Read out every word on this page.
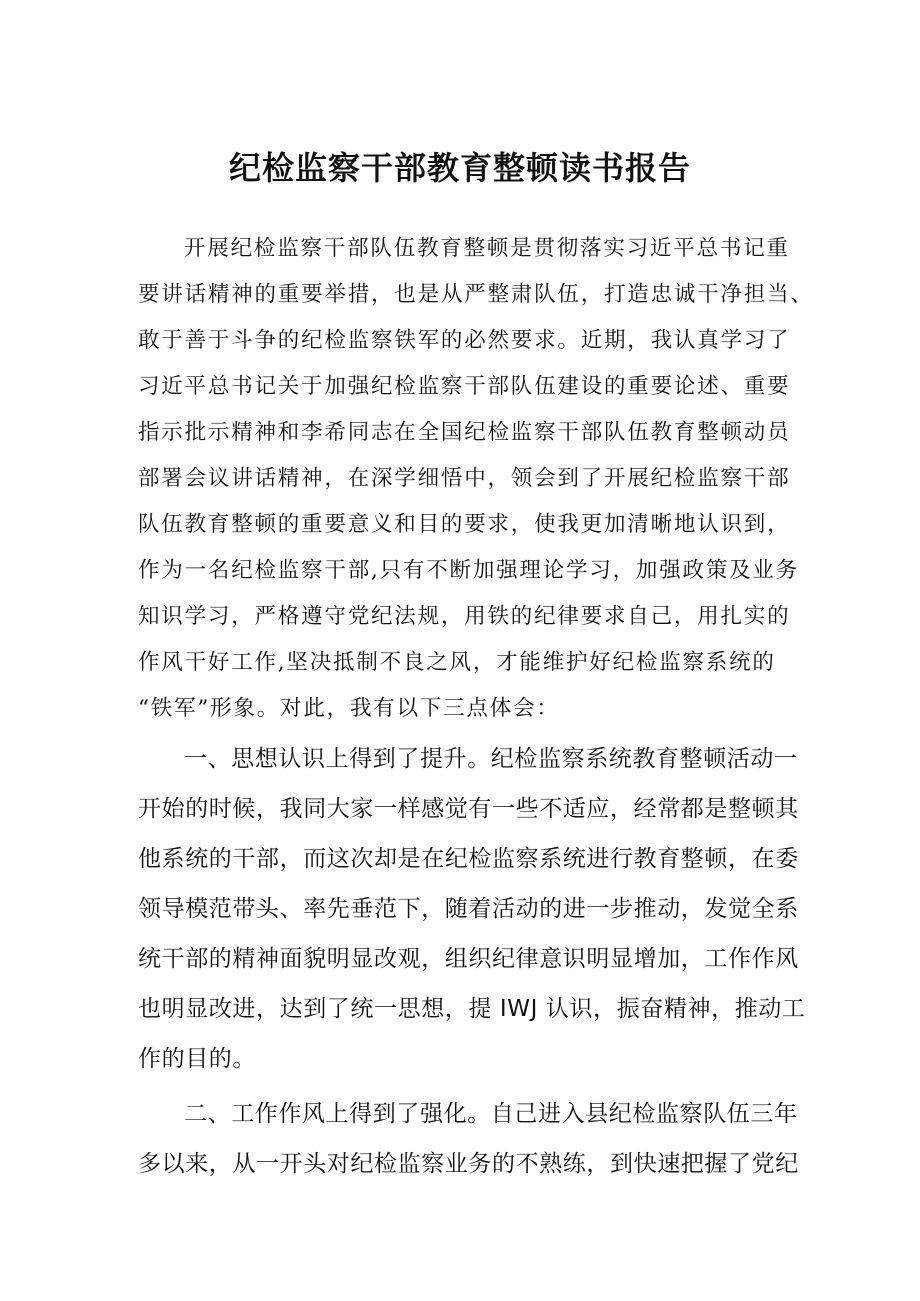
纪检监察干部教育整顿读书报告

开展纪检监察干部队伍教育整顿是贯彻落实习近平总书记重

要讲话精神的重要举措，也是从严整肃队伍，打造忠诚干净担当、

敢于善于斗争的纪检监察铁军的必然要求。近期，我认真学习了

习近平总书记关于加强纪检监察干部队伍建设的重要论述、重要

指示批示精神和李希同志在全国纪检监察干部队伍教育整顿动员

部署会议讲话精神，在深学细悟中，领会到了开展纪检监察干部

队伍教育整顿的重要意义和目的要求，使我更加清晰地认识到，

作为一名纪检监察干部,只有不断加强理论学习，加强政策及业务

知识学习，严格遵守党纪法规，用铁的纪律要求自己，用扎实的

作风干好工作,坚决抵制不良之风，才能维护好纪检监察系统的

“铁军”形象。对此，我有以下三点体会：

一、思想认识上得到了提升。纪检监察系统教育整顿活动一

开始的时候，我同大家一样感觉有一些不适应，经常都是整顿其

他系统的干部，而这次却是在纪检监察系统进行教育整顿，在委

领导模范带头、率先垂范下，随着活动的进一步推动，发觉全系

统干部的精神面貌明显改观，组织纪律意识明显增加，工作作风

也明显改进，达到了统一思想，提 IWJ 认识，振奋精神，推动工

作的目的。

二、工作作风上得到了强化。自己进入县纪检监察队伍三年

多以来，从一开头对纪检监察业务的不熟练，到快速把握了党纪
